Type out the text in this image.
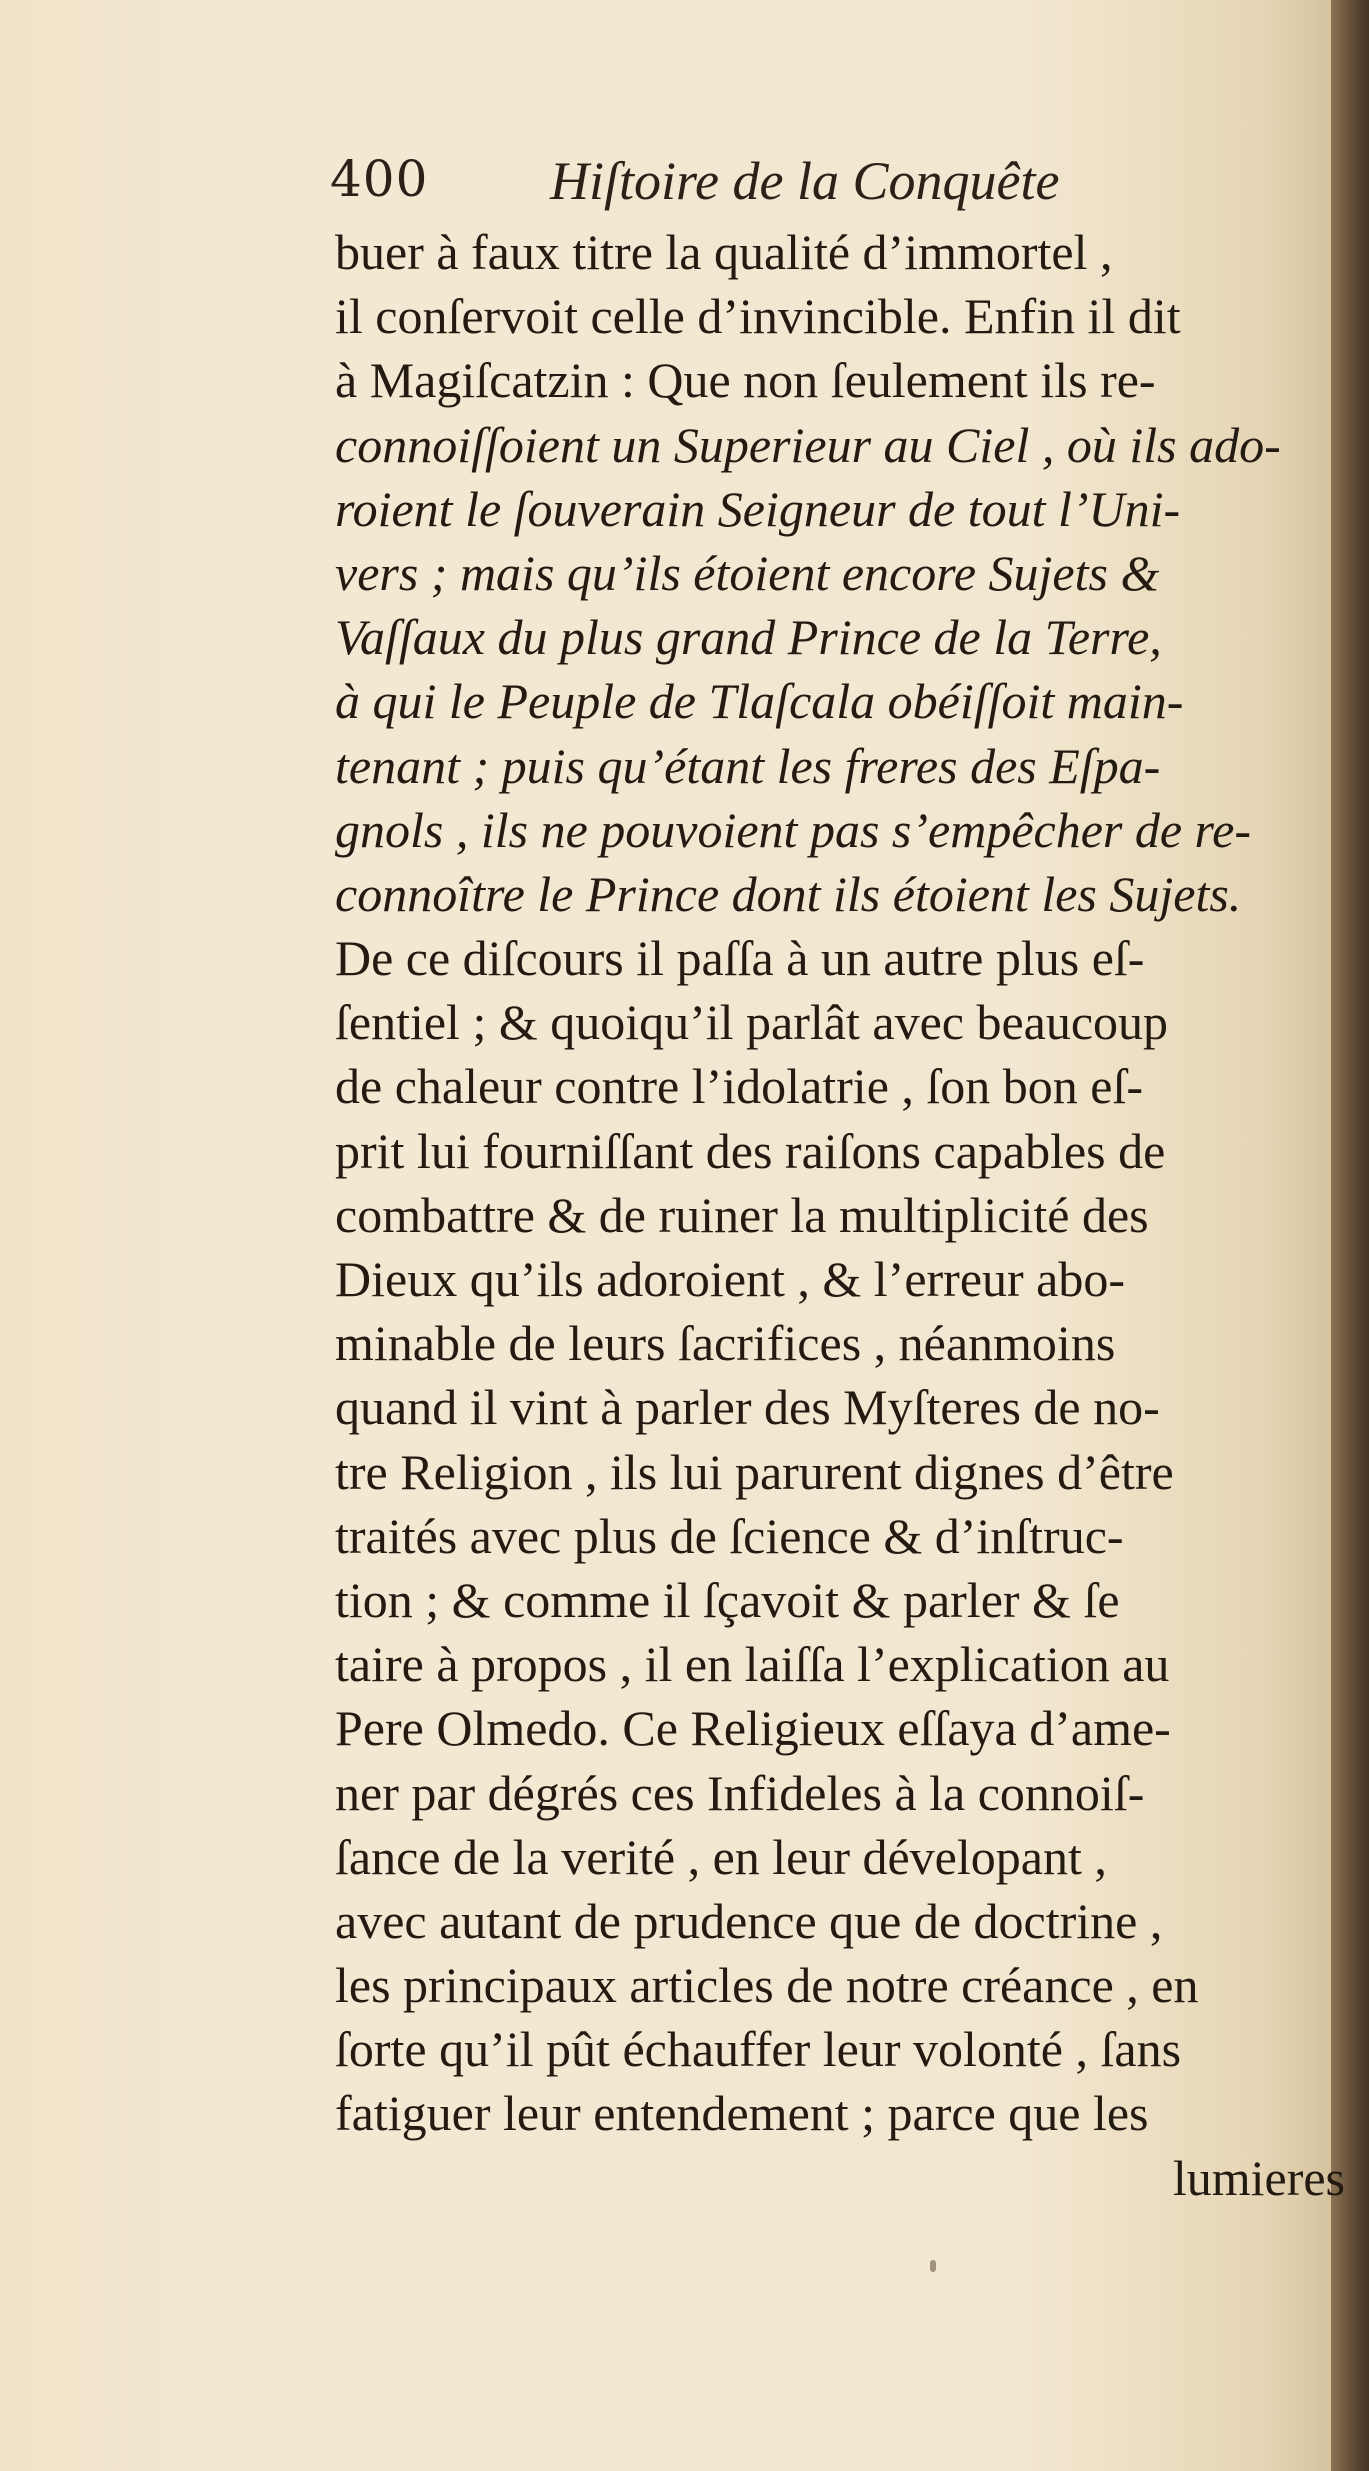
400 Hiſtoire de la Conquête
buer à faux titre la qualité d’immortel ,
il conſervoit celle d’invincible. Enfin il dit
à Magiſcatzin : Que non ſeulement ils re-
connoiſſoient un Superieur au Ciel , où ils ado-
roient le ſouverain Seigneur de tout l’Uni-
vers ; mais qu’ils étoient encore Sujets &
Vaſſaux du plus grand Prince de la Terre,
à qui le Peuple de Tlaſcala obéiſſoit main-
tenant ; puis qu’étant les freres des Eſpa-
gnols , ils ne pouvoient pas s’empêcher de re-
connoître le Prince dont ils étoient les Sujets.
De ce diſcours il paſſa à un autre plus eſ-
ſentiel ; & quoiqu’il parlât avec beaucoup
de chaleur contre l’idolatrie , ſon bon eſ-
prit lui fourniſſant des raiſons capables de
combattre & de ruiner la multiplicité des
Dieux qu’ils adoroient , & l’erreur abo-
minable de leurs ſacrifices , néanmoins
quand il vint à parler des Myſteres de no-
tre Religion , ils lui parurent dignes d’être
traités avec plus de ſcience & d’inſtruc-
tion ; & comme il ſçavoit & parler & ſe
taire à propos , il en laiſſa l’explication au
Pere Olmedo. Ce Religieux eſſaya d’ame-
ner par dégrés ces Infideles à la connoiſ-
ſance de la verité , en leur dévelopant ,
avec autant de prudence que de doctrine ,
les principaux articles de notre créance , en
ſorte qu’il pût échauffer leur volonté , ſans
fatiguer leur entendement ; parce que les
lumieres
